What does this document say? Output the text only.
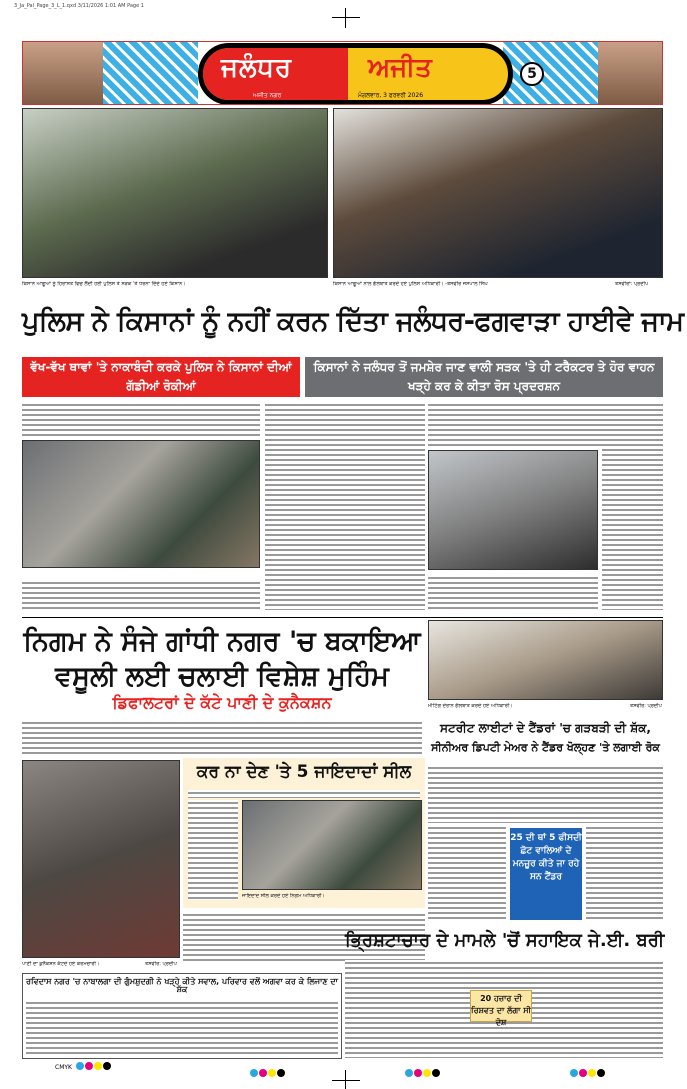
3_Ja_Pal_Page_3_L_1.qxd 3/11/2026 1:01 AM Page 1
ਜਲੰਧਰ	ਅਜੀਤ
ਅਜੀਤ ਨਗਰ	ਮੰਗਲਵਾਰ, 3 ਫਰਵਰੀ 2026
5
ਕਿਸਾਨ ਆਗੂਆਂ ਨੂੰ ਹਿਰਾਸਤ ਵਿਚ ਲੈਂਦੀ ਹੋਈ ਪੁਲਿਸ ਤੇ ਸੜਕ 'ਤੇ ਧਰਨਾ ਦਿੰਦੇ ਹੋਏ ਕਿਸਾਨ।	ਕਿਸਾਨ ਆਗੂਆਂ ਨਾਲ ਗੱਲਬਾਤ ਕਰਦੇ ਹੋਏ ਪੁਲਿਸ ਅਧਿਕਾਰੀ। -ਤਸਵੀਰ ਜਸਪਾਲ ਸਿੰਘ	ਤਸਵੀਰਾਂ: ਪ੍ਰਦੀਪ
ਪੁਲਿਸ ਨੇ ਕਿਸਾਨਾਂ ਨੂੰ ਨਹੀਂ ਕਰਨ ਦਿੱਤਾ ਜਲੰਧਰ-ਫਗਵਾੜਾ ਹਾਈਵੇ ਜਾਮ
ਵੱਖ-ਵੱਖ ਥਾਵਾਂ 'ਤੇ ਨਾਕਾਬੰਦੀ ਕਰਕੇ ਪੁਲਿਸ ਨੇ ਕਿਸਾਨਾਂ ਦੀਆਂ ਗੱਡੀਆਂ ਰੋਕੀਆਂ
ਕਿਸਾਨਾਂ ਨੇ ਜਲੰਧਰ ਤੋਂ ਜਮਸ਼ੇਰ ਜਾਣ ਵਾਲੀ ਸੜਕ 'ਤੇ ਹੀ ਟਰੈਕਟਰ ਤੇ ਹੋਰ ਵਾਹਨ ਖੜ੍ਹੇ ਕਰ ਕੇ ਕੀਤਾ ਰੋਸ ਪ੍ਰਦਰਸ਼ਨ
ਨਿਗਮ ਨੇ ਸੰਜੇ ਗਾਂਧੀ ਨਗਰ 'ਚ ਬਕਾਇਆ ਵਸੂਲੀ ਲਈ ਚਲਾਈ ਵਿਸ਼ੇਸ਼ ਮੁਹਿੰਮ
ਡਿਫਾਲਟਰਾਂ ਦੇ ਕੱਟੇ ਪਾਣੀ ਦੇ ਕੁਨੈਕਸ਼ਨ	ਮੀਟਿੰਗ ਦੌਰਾਨ ਗੱਲਬਾਤ ਕਰਦੇ ਹੋਏ ਅਧਿਕਾਰੀ।	ਤਸਵੀਰ: ਪ੍ਰਦੀਪ
ਪਾਣੀ ਦਾ ਕੁਨੈਕਸ਼ਨ ਕੱਟਦੇ ਹੋਏ ਕਰਮਚਾਰੀ।	ਤਸਵੀਰ: ਪ੍ਰਦੀਪ
ਕਰ ਨਾ ਦੇਣ 'ਤੇ 5 ਜਾਇਦਾਦਾਂ ਸੀਲ
ਜਾਇਦਾਦ ਸੀਲ ਕਰਦੇ ਹੋਏ ਨਿਗਮ ਅਧਿਕਾਰੀ।
ਸਟਰੀਟ ਲਾਈਟਾਂ ਦੇ ਟੈਂਡਰਾਂ 'ਚ ਗੜਬੜੀ ਦੀ ਸ਼ੱਕ,
ਸੀਨੀਅਰ ਡਿਪਟੀ ਮੇਅਰ ਨੇ ਟੈਂਡਰ ਖੋਲ੍ਹਣ 'ਤੇ ਲਗਾਈ ਰੋਕ
25 ਦੀ ਥਾਂ 5 ਫੀਸਦੀ ਛੋਟ ਵਾਲਿਆਂ ਦੇ ਮਨਜ਼ੂਰ ਕੀਤੇ ਜਾ ਰਹੇ ਸਨ ਟੈਂਡਰ
ਭ੍ਰਿਸ਼ਟਾਚਾਰ ਦੇ ਮਾਮਲੇ 'ਚੋਂ ਸਹਾਇਕ ਜੇ.ਈ. ਬਰੀ
20 ਹਜ਼ਾਰ ਦੀ ਰਿਸ਼ਵਤ ਦਾ ਲੱਗਾ ਸੀ ਦੋਸ਼
ਰਵਿਦਾਸ ਨਗਰ 'ਚ ਨਾਬਾਲਗਾ ਦੀ ਗੁੰਮਸ਼ੁਦਗੀ ਨੇ ਖੜ੍ਹੇ ਕੀਤੇ ਸਵਾਲ, ਪਰਿਵਾਰ ਵਲੋਂ ਅਗਵਾ ਕਰ ਕੇ ਲਿਜਾਣ ਦਾ ਸ਼ੱਕ
CMYK
